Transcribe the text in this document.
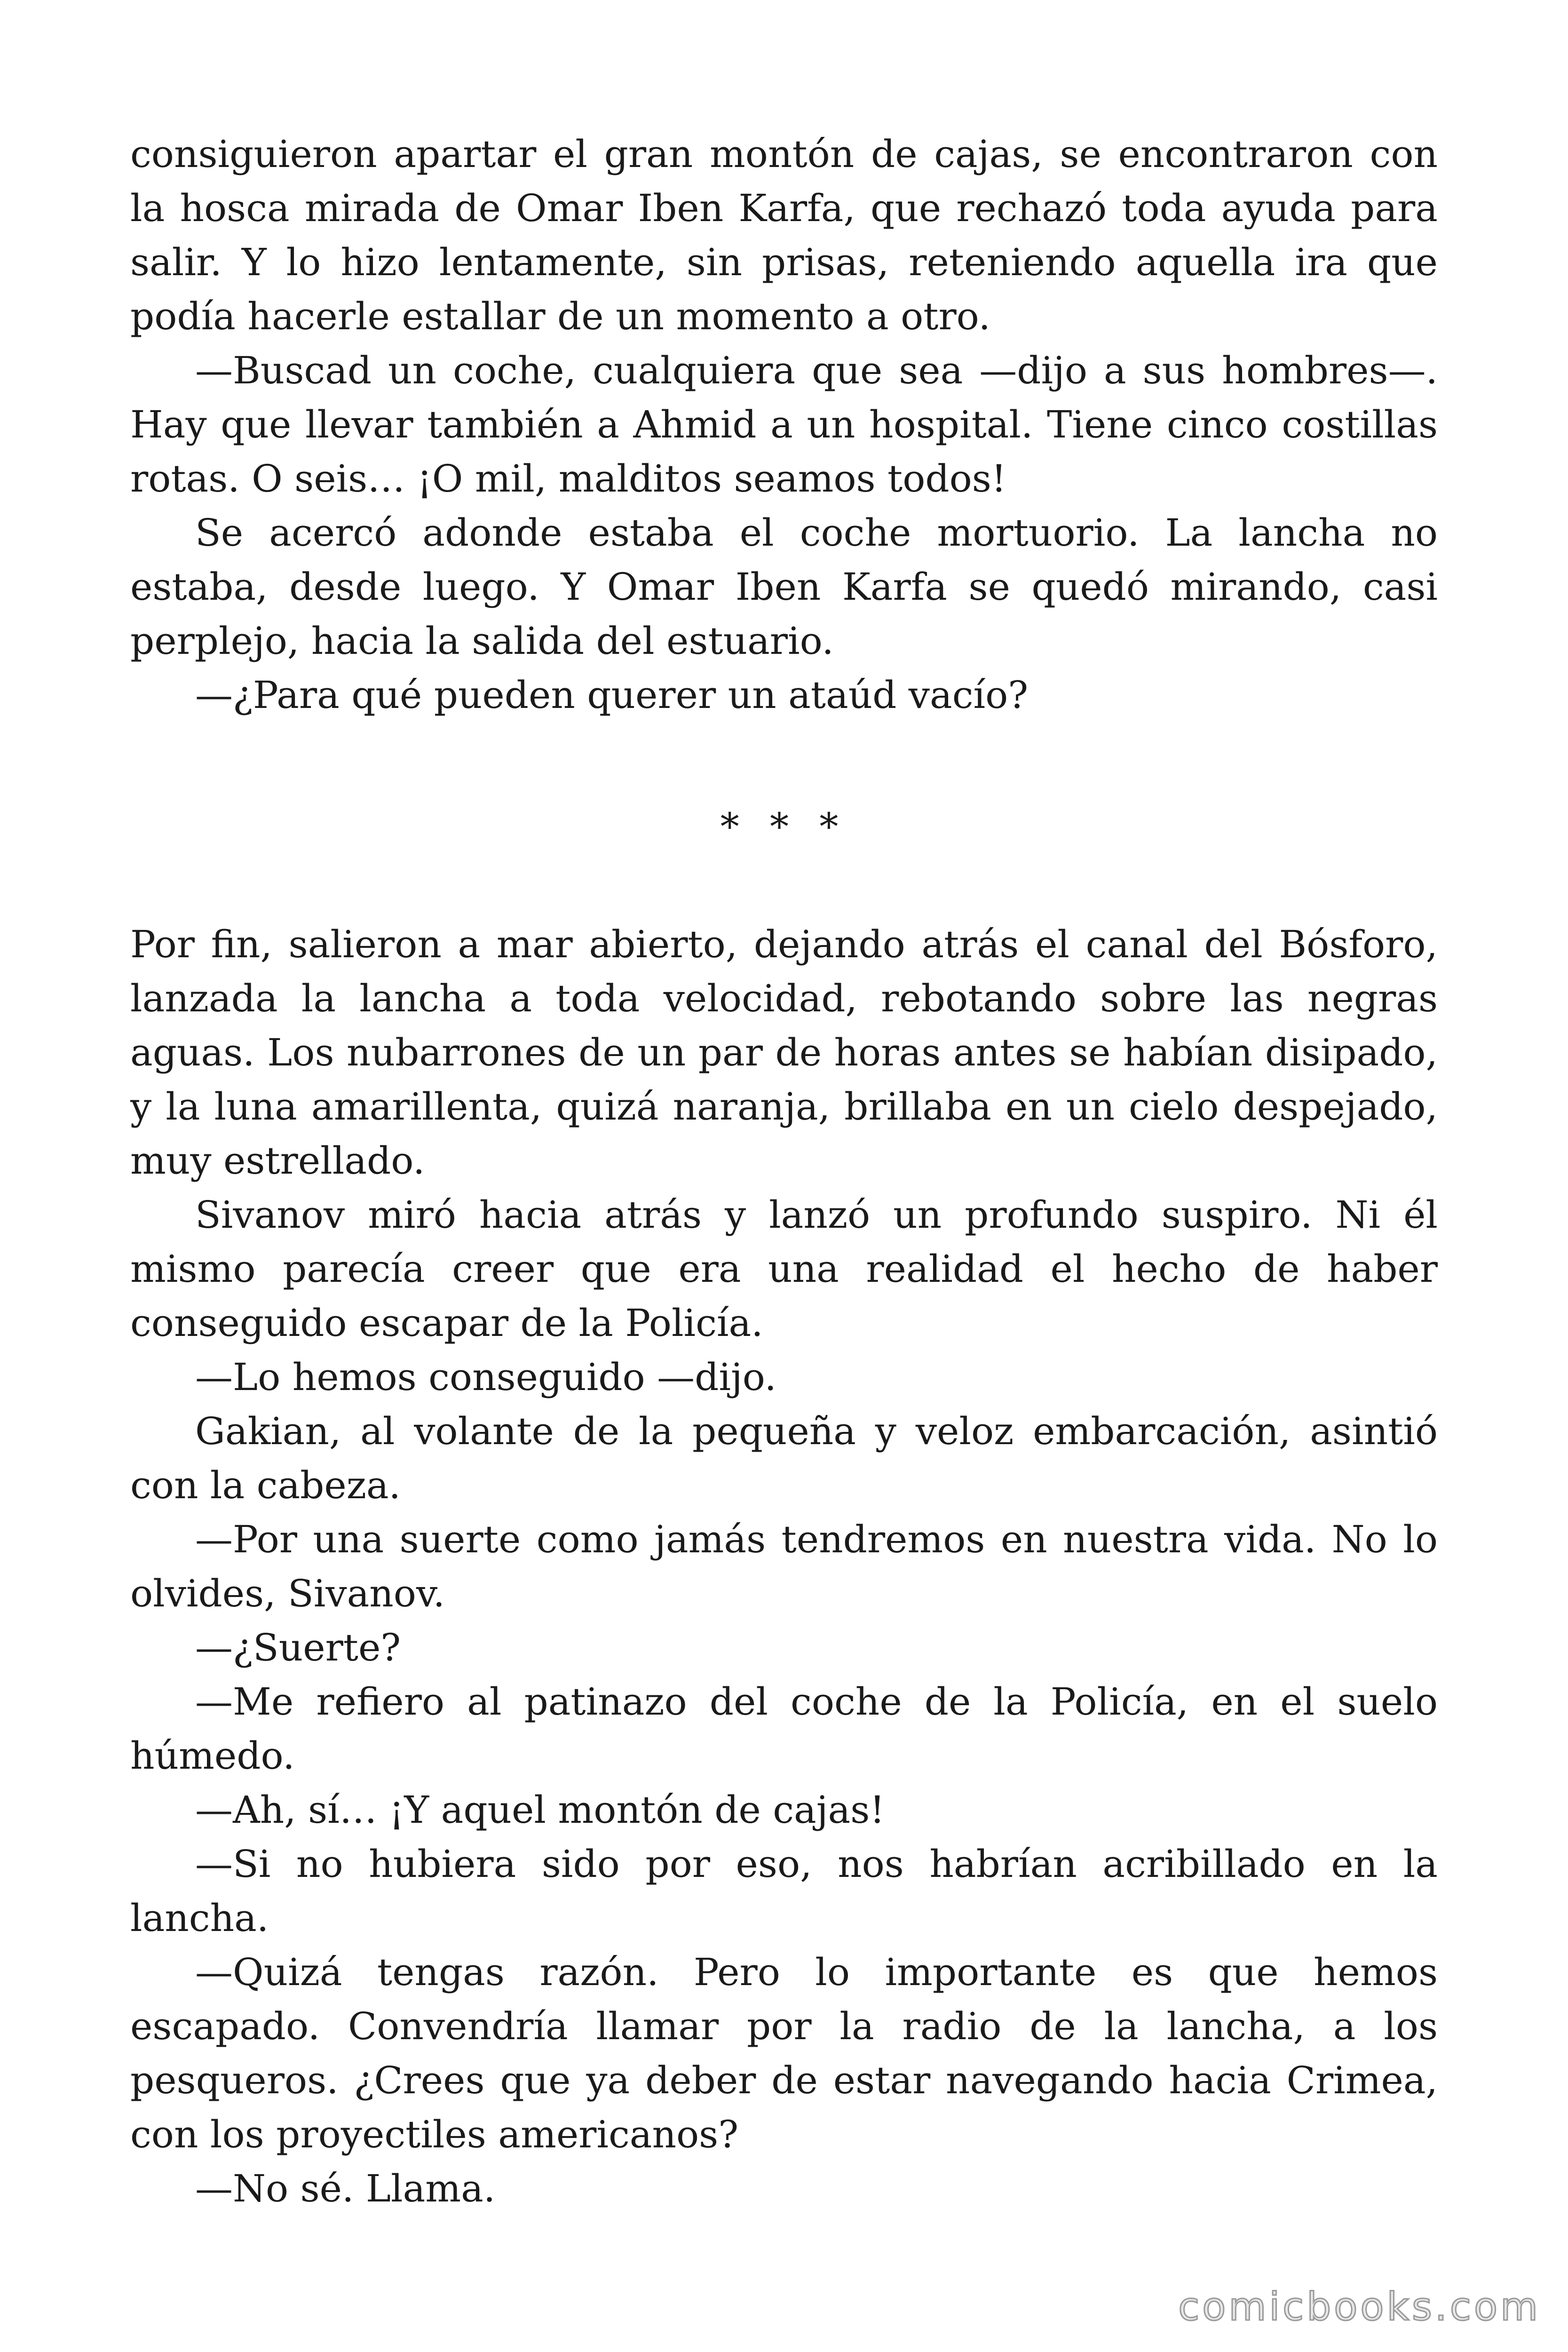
consiguieron apartar el gran montón de cajas, se encontraron con la hosca mirada de Omar Iben Karfa, que rechazó toda ayuda para salir. Y lo hizo lentamente, sin prisas, reteniendo aquella ira que podía hacerle estallar de un momento a otro.

—Buscad un coche, cualquiera que sea —dijo a sus hombres—. Hay que llevar también a Ahmid a un hospital. Tiene cinco costillas rotas. O seis… ¡O mil, malditos seamos todos!

Se acercó adonde estaba el coche mortuorio. La lancha no estaba, desde luego. Y Omar Iben Karfa se quedó mirando, casi perplejo, hacia la salida del estuario.

—¿Para qué pueden querer un ataúd vacío?

* * *

Por fin, salieron a mar abierto, dejando atrás el canal del Bósforo, lanzada la lancha a toda velocidad, rebotando sobre las negras aguas. Los nubarrones de un par de horas antes se habían disipado, y la luna amarillenta, quizá naranja, brillaba en un cielo despejado, muy estrellado.

Sivanov miró hacia atrás y lanzó un profundo suspiro. Ni él mismo parecía creer que era una realidad el hecho de haber conseguido escapar de la Policía.

—Lo hemos conseguido —dijo.

Gakian, al volante de la pequeña y veloz embarcación, asintió con la cabeza.

—Por una suerte como jamás tendremos en nuestra vida. No lo olvides, Sivanov.

—¿Suerte?

—Me refiero al patinazo del coche de la Policía, en el suelo húmedo.

—Ah, sí… ¡Y aquel montón de cajas!

—Si no hubiera sido por eso, nos habrían acribillado en la lancha.

—Quizá tengas razón. Pero lo importante es que hemos escapado. Convendría llamar por la radio de la lancha, a los pesqueros. ¿Crees que ya deber de estar navegando hacia Crimea, con los proyectiles americanos?

—No sé. Llama.

comicbooks.com
